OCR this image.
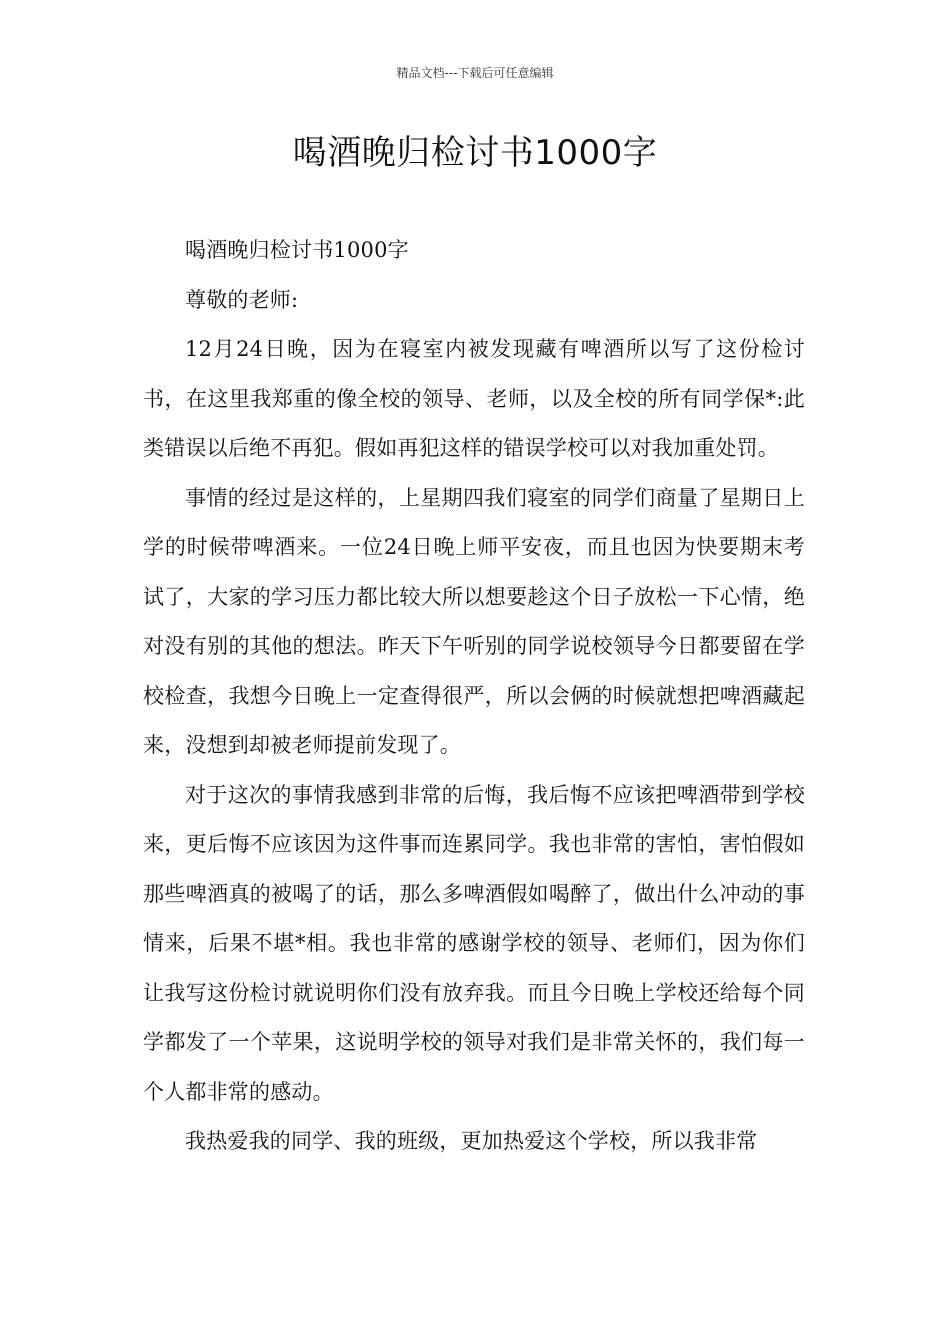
精品文档---下载后可任意编辑
喝酒晚归检讨书1000字

喝酒晚归检讨书1000字

尊敬的老师:

12月24日晚，因为在寝室内被发现藏有啤酒所以写了这份检讨书，在这里我郑重的像全校的领导、老师，以及全校的所有同学保*:此类错误以后绝不再犯。假如再犯这样的错误学校可以对我加重处罚。

事情的经过是这样的，上星期四我们寝室的同学们商量了星期日上学的时候带啤酒来。一位24日晚上师平安夜，而且也因为快要期末考试了，大家的学习压力都比较大所以想要趁这个日子放松一下心情，绝对没有别的其他的想法。昨天下午听别的同学说校领导今日都要留在学校检查，我想今日晚上一定查得很严，所以会俩的时候就想把啤酒藏起来，没想到却被老师提前发现了。

对于这次的事情我感到非常的后悔，我后悔不应该把啤酒带到学校来，更后悔不应该因为这件事而连累同学。我也非常的害怕，害怕假如那些啤酒真的被喝了的话，那么多啤酒假如喝醉了，做出什么冲动的事情来，后果不堪*相。我也非常的感谢学校的领导、老师们，因为你们让我写这份检讨就说明你们没有放弃我。而且今日晚上学校还给每个同学都发了一个苹果，这说明学校的领导对我们是非常关怀的，我们每一个人都非常的感动。

我热爱我的同学、我的班级，更加热爱这个学校，所以我非常
